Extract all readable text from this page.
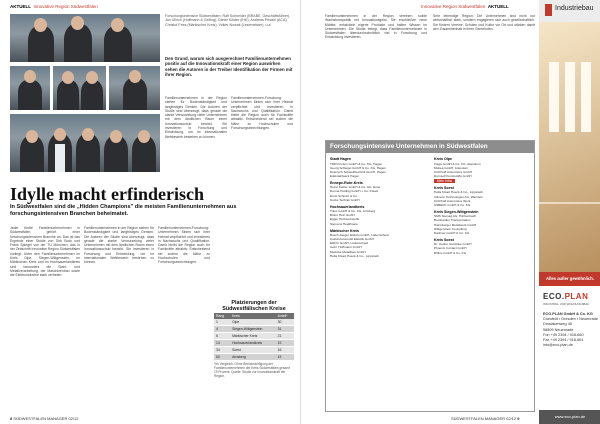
AKTUELL Innovative Region Südwestfalen
Forschungsintensive Südwestfalen: Ralf Schneider (BRABE, Geschäftsführer), Jan Ullrich (Hoffmann & Geiling), Dieter Köster (IHK), Andreas Prisahl (ACA), Christof Fees (Märkischer Kreis), Volker Nowak (Lesemeister), u.a.
Den Grund, warum sich ausgerechnet Familienunternehmen positiv auf die Innovationskraft einer Region auswirken sehen die Autoren in der Treiber Identifikation der Firmen mit ihrer Region.

Familienunternehmen in der Region stehen für Bodenständigkeit und langfristiges Denken. Die Autoren der Studie sind überzeugt, dass gerade die starke Verwurzelung vieler Unternehmen mit dem ländlichen Raum einen Innovationsschub bewirkt. Sie investieren in Forschung und Entwicklung, um im internationalen Wettbewerb bestehen zu können.

Familienunternehmen-Forschung: Unternehmen fühlen sich ihrer Heimat verpflichtet und investieren in Nachwuchs und Qualifikation. Damit bleibt die Region auch für Fachkräfte attraktiv. Entscheidend sei zudem die Nähe zu Hochschulen und Forschungseinrichtungen.

Idylle macht erfinderisch
In Südwestfalen sind die „Hidden Champions" die meisten Familienunternehmen aus forschungsintensiven Branchen beheimatet.

Jeder fünfte Familienunternehmen in Südwestfalen gehört einer forschungsintensiven Branche an. Das ist das Ergebnis einer Studie von Dirk Bock und Frank Spiegel von der TU München, das in der Zeitschrift Innovative Region Südwestfalen vorliegt. Unter den Familienunternehmen im Kreis Olpe, Siegen-Wittgenstein, im Märkischen Kreis und im Hochsauerlandkreis sind besonders die Stahl- und Metallverarbeitung, der Maschinenbau sowie die Elektroindustrie stark vertreten.

Familienunternehmen in der Region stehen für Bodenständigkeit und langfristiges Denken. Die Autoren der Studie sind überzeugt, dass gerade die starke Verwurzelung vieler Unternehmen mit dem ländlichen Raum einen Innovationsschub bewirkt. Sie investieren in Forschung und Entwicklung, um im internationalen Wettbewerb bestehen zu können.

Familienunternehmen-Forschung: Unternehmen fühlen sich ihrer Heimat verpflichtet und investieren in Nachwuchs und Qualifikation. Damit bleibt die Region auch für Fachkräfte attraktiv. Entscheidend sei zudem die Nähe zu Hochschulen und Forschungseinrichtungen.

Platzierungen der Südwestfälischen Kreise
Rang	Kreis	Anteil*
1	Olpe	30
4	Siegen-Wittgenstein	31
6	Märkischer Kreis	21
14	Hochsauerlandkreis	19
34	Soest	16
60	Arnsberg	15
*Im Vergleich: Ohne Berücksichtigung der Familienunternehmen der Kreis Südwestfalen gesamt 19 Prozent. Quelle: Studie zur Innovationskraft der Region.
8 SÜDWESTFALEN MANAGER 02/12
Innovative Region Südwestfalen AKTUELL

Familienunternehmen in der Region vereinen solide Wachstumspolitik mit Innovationsgeist. Sie erschließen neue Märkte, entwickeln eigene Produkte und halten Wissen im Unternehmen. Die Studie belegt, dass Familienunternehmen in Südwestfalen überdurchschnittlich viel in Forschung und Entwicklung investieren.

Sehr lebendige Region: Die Unternehmen sind nicht nur wirtschaftlich stark, sondern engagieren sich auch gesellschaftlich. Sie fördern Vereine, Schulen und Kultur vor Ort und stärken damit den Zusammenhalt in ihren Gemeinden.

Forschungsintensive Unternehmen in Südwestfalen
Stadt Hagen
TMD Friction GmbH & Co. KG, Hagen
Georg Schlegel GmbH & Co. KG, Hagen
Dolezych Schweißtechnik GmbH, Hagen
Edelstahlwerk Hagen
Ennepe-Ruhr-Kreis
Heinz Kettler GmbH & Co. KG, Ense
Dorma Holding GmbH + Co. KGaA
Ernst Schmitz & Co.
Kocks Technik GmbH
Hochsauerlandkreis
Trilux GmbH & Co. KG, Arnsberg
Brilon Holz GmbH
Egger Holzwerkstoffe
Siemens Healthcare
Märkischer Kreis
Busch-Jaeger Elektro GmbH, Lüdenscheid
Kostal Automobil Elektrik GmbH
ERCO GmbH, Lüdenscheid
Gebr. Hoffmann GmbH
Medicke Metallbau GmbH
Hella KGaA Hueck & Co., Lippstadt
Kreis Olpe
Viega GmbH & Co. KG, Attendorn
Mubea GmbH, Attendorn
Kirchhoff Automotive GmbH
Dornseif Kunststoffe GmbH
Mehr Infos
Kreis Soest
Hella KGaA Hueck & Co., Lippstadt
Infineon Technologies AG, Warstein
Kirchhoff Automotive Werk
ASBECK GmbH & Co. KG
Kreis Siegen-Wittgenstein
SMS Siemag AG, Hilchenbach
Bombardier Transportation
Hainsberger Metallwerk GmbH
Wittgenstein Consulting
Dachser GmbH & Co. KG
Kreis Soest
Dr. Oetker Getränke GmbH
Phoenix Contact GmbH
Brillux GmbH & Co. KG
SÜDWESTFALEN MANAGER 02/12 9
Industriebau
Alles außer gewöhnlich.
ECO.PLAN
INDUSTRIE- UND WOHNUNGSBAU
ECO.PLAN GmbH & Co. KG
Coesfeld • Dresden • Neuenrade
Dinslakenweg 45
58809 Neuenrade
Fon +49 2394 / 918-660
Fax +49 2394 / 918-661
info@eco-plan.de
www.eco-plan.de
